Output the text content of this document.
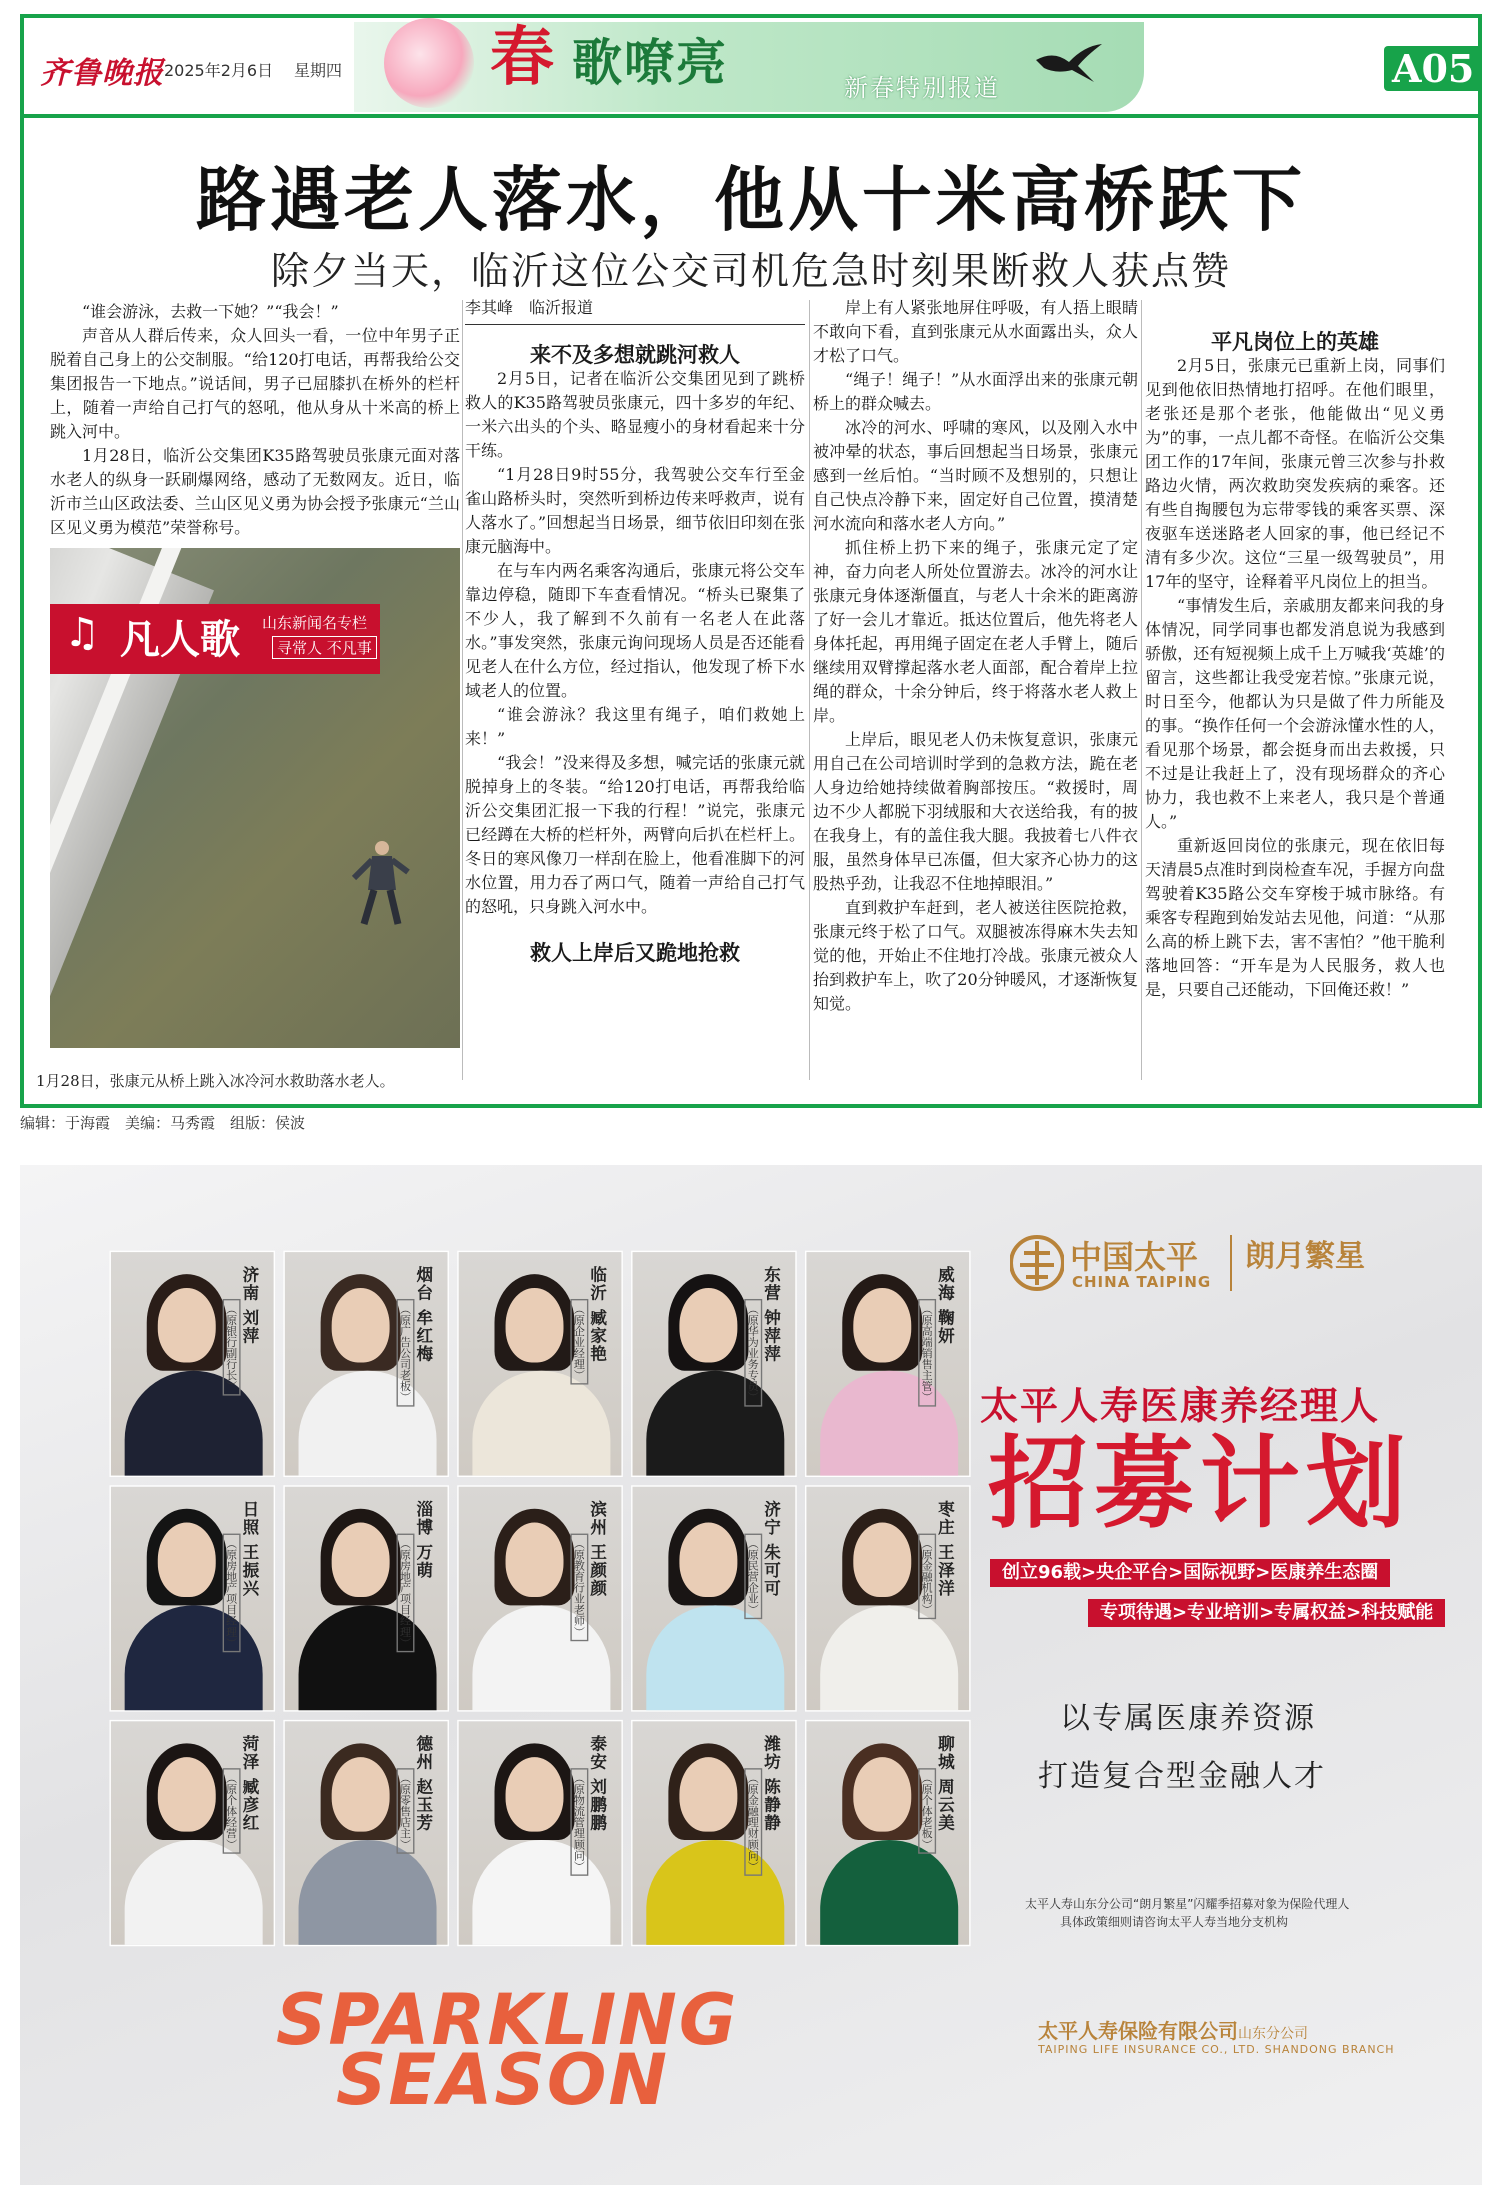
齐鲁晚报 2025年2月6日 星期四 春 歌嘹亮	新春特别报道	A05
路遇老人落水，他从十米高桥跃下
除夕当天，临沂这位公交司机危急时刻果断救人获点赞

“谁会游泳，去救一下她？”“我会！”

声音从人群后传来，众人回头一看，一位中年男子正脱着自己身上的公交制服。“给120打电话，再帮我给公交集团报告一下地点。”说话间，男子已屈膝扒在桥外的栏杆上，随着一声给自己打气的怒吼，他从身从十米高的桥上跳入河中。

1月28日，临沂公交集团K35路驾驶员张康元面对落水老人的纵身一跃刷爆网络，感动了无数网友。近日，临沂市兰山区政法委、兰山区见义勇为协会授予张康元“兰山区见义勇为模范”荣誉称号。

♫ 凡人歌 山东新闻名专栏
寻常人 不凡事
1月28日，张康元从桥上跳入冰冷河水救助落水老人。
李其峰　临沂报道

来不及多想就跳河救人

2月5日，记者在临沂公交集团见到了跳桥救人的K35路驾驶员张康元，四十多岁的年纪、一米六出头的个头、略显瘦小的身材看起来十分干练。

“1月28日9时55分，我驾驶公交车行至金雀山路桥头时，突然听到桥边传来呼救声，说有人落水了。”回想起当日场景，细节依旧印刻在张康元脑海中。

在与车内两名乘客沟通后，张康元将公交车靠边停稳，随即下车查看情况。“桥头已聚集了不少人，我了解到不久前有一名老人在此落水。”事发突然，张康元询问现场人员是否还能看见老人在什么方位，经过指认，他发现了桥下水域老人的位置。

“谁会游泳？我这里有绳子，咱们救她上来！”

“我会！”没来得及多想，喊完话的张康元就脱掉身上的冬装。“给120打电话，再帮我给临沂公交集团汇报一下我的行程！”说完，张康元已经蹲在大桥的栏杆外，两臂向后扒在栏杆上。冬日的寒风像刀一样刮在脸上，他看准脚下的河水位置，用力吞了两口气，随着一声给自己打气的怒吼，只身跳入河水中。

救人上岸后又跪地抢救

岸上有人紧张地屏住呼吸，有人捂上眼睛不敢向下看，直到张康元从水面露出头，众人才松了口气。

“绳子！绳子！”从水面浮出来的张康元朝桥上的群众喊去。

冰冷的河水、呼啸的寒风，以及刚入水中被冲晕的状态，事后回想起当日场景，张康元感到一丝后怕。“当时顾不及想别的，只想让自己快点冷静下来，固定好自己位置，摸清楚河水流向和落水老人方向。”

抓住桥上扔下来的绳子，张康元定了定神，奋力向老人所处位置游去。冰冷的河水让张康元身体逐渐僵直，与老人十余米的距离游了好一会儿才靠近。抵达位置后，他先将老人身体托起，再用绳子固定在老人手臂上，随后继续用双臂撑起落水老人面部，配合着岸上拉绳的群众，十余分钟后，终于将落水老人救上岸。

上岸后，眼见老人仍未恢复意识，张康元用自己在公司培训时学到的急救方法，跪在老人身边给她持续做着胸部按压。“救援时，周边不少人都脱下羽绒服和大衣送给我，有的披在我身上，有的盖住我大腿。我披着七八件衣服，虽然身体早已冻僵，但大家齐心协力的这股热乎劲，让我忍不住地掉眼泪。”

直到救护车赶到，老人被送往医院抢救，张康元终于松了口气。双腿被冻得麻木失去知觉的他，开始止不住地打冷战。张康元被众人抬到救护车上，吹了20分钟暖风，才逐渐恢复知觉。

平凡岗位上的英雄

2月5日，张康元已重新上岗，同事们见到他依旧热情地打招呼。在他们眼里，老张还是那个老张，他能做出“见义勇为”的事，一点儿都不奇怪。在临沂公交集团工作的17年间，张康元曾三次参与扑救路边火情，两次救助突发疾病的乘客。还有些自掏腰包为忘带零钱的乘客买票、深夜驱车送迷路老人回家的事，他已经记不清有多少次。这位“三星一级驾驶员”，用17年的坚守，诠释着平凡岗位上的担当。

“事情发生后，亲戚朋友都来问我的身体情况，同学同事也都发消息说为我感到骄傲，还有短视频上成千上万喊我‘英雄’的留言，这些都让我受宠若惊。”张康元说，时日至今，他都认为只是做了件力所能及的事。“换作任何一个会游泳懂水性的人，看见那个场景，都会挺身而出去救援，只不过是让我赶上了，没有现场群众的齐心协力，我也救不上来老人，我只是个普通人。”

重新返回岗位的张康元，现在依旧每天清晨5点准时到岗检查车况，手握方向盘驾驶着K35路公交车穿梭于城市脉络。有乘客专程跑到始发站去见他，问道：“从那么高的桥上跳下去，害不害怕？”他干脆利落地回答：“开车是为人民服务，救人也是，只要自己还能动，下回俺还救！”

编辑：于海霞　美编：马秀霞　组版：侯波
济南 刘萍
（原银行副行长）	烟台 牟红梅
（原广告公司老板）	临沂 臧家艳
（原企业经理）	东营 钟萍萍
（原华为业务专员）	威海 鞠妍
（原高端销售主管）
日照 王振兴
（原房地产项目经理）	淄博 万萌
（原房地产项目经理）	滨州 王颜颜
（原教育行业老师）	济宁 朱可可
（原民营企业）	枣庄 王泽洋
（原金融机构）
菏泽 臧彦红
（原个体经营）	德州 赵玉芳
（原零售店主）	泰安 刘鹏鹏
（原物流管理顾问）	潍坊 陈静静
（原金融理财顾问）	聊城 周云美
（原个体老板）
中国太平
CHINA TAIPING
朗月繁星
太平人寿医康养经理人
招募计划
创立96载>央企平台>国际视野>医康养生态圈
专项待遇>专业培训>专属权益>科技赋能
以专属医康养资源
打造复合型金融人才
太平人寿山东分公司“朗月繁星”闪耀季招募对象为保险代理人
具体政策细则请咨询太平人寿当地分支机构
太平人寿保险有限公司山东分公司
TAIPING LIFE INSURANCE CO., LTD. SHANDONG BRANCH
SPARKLING
SEASON
